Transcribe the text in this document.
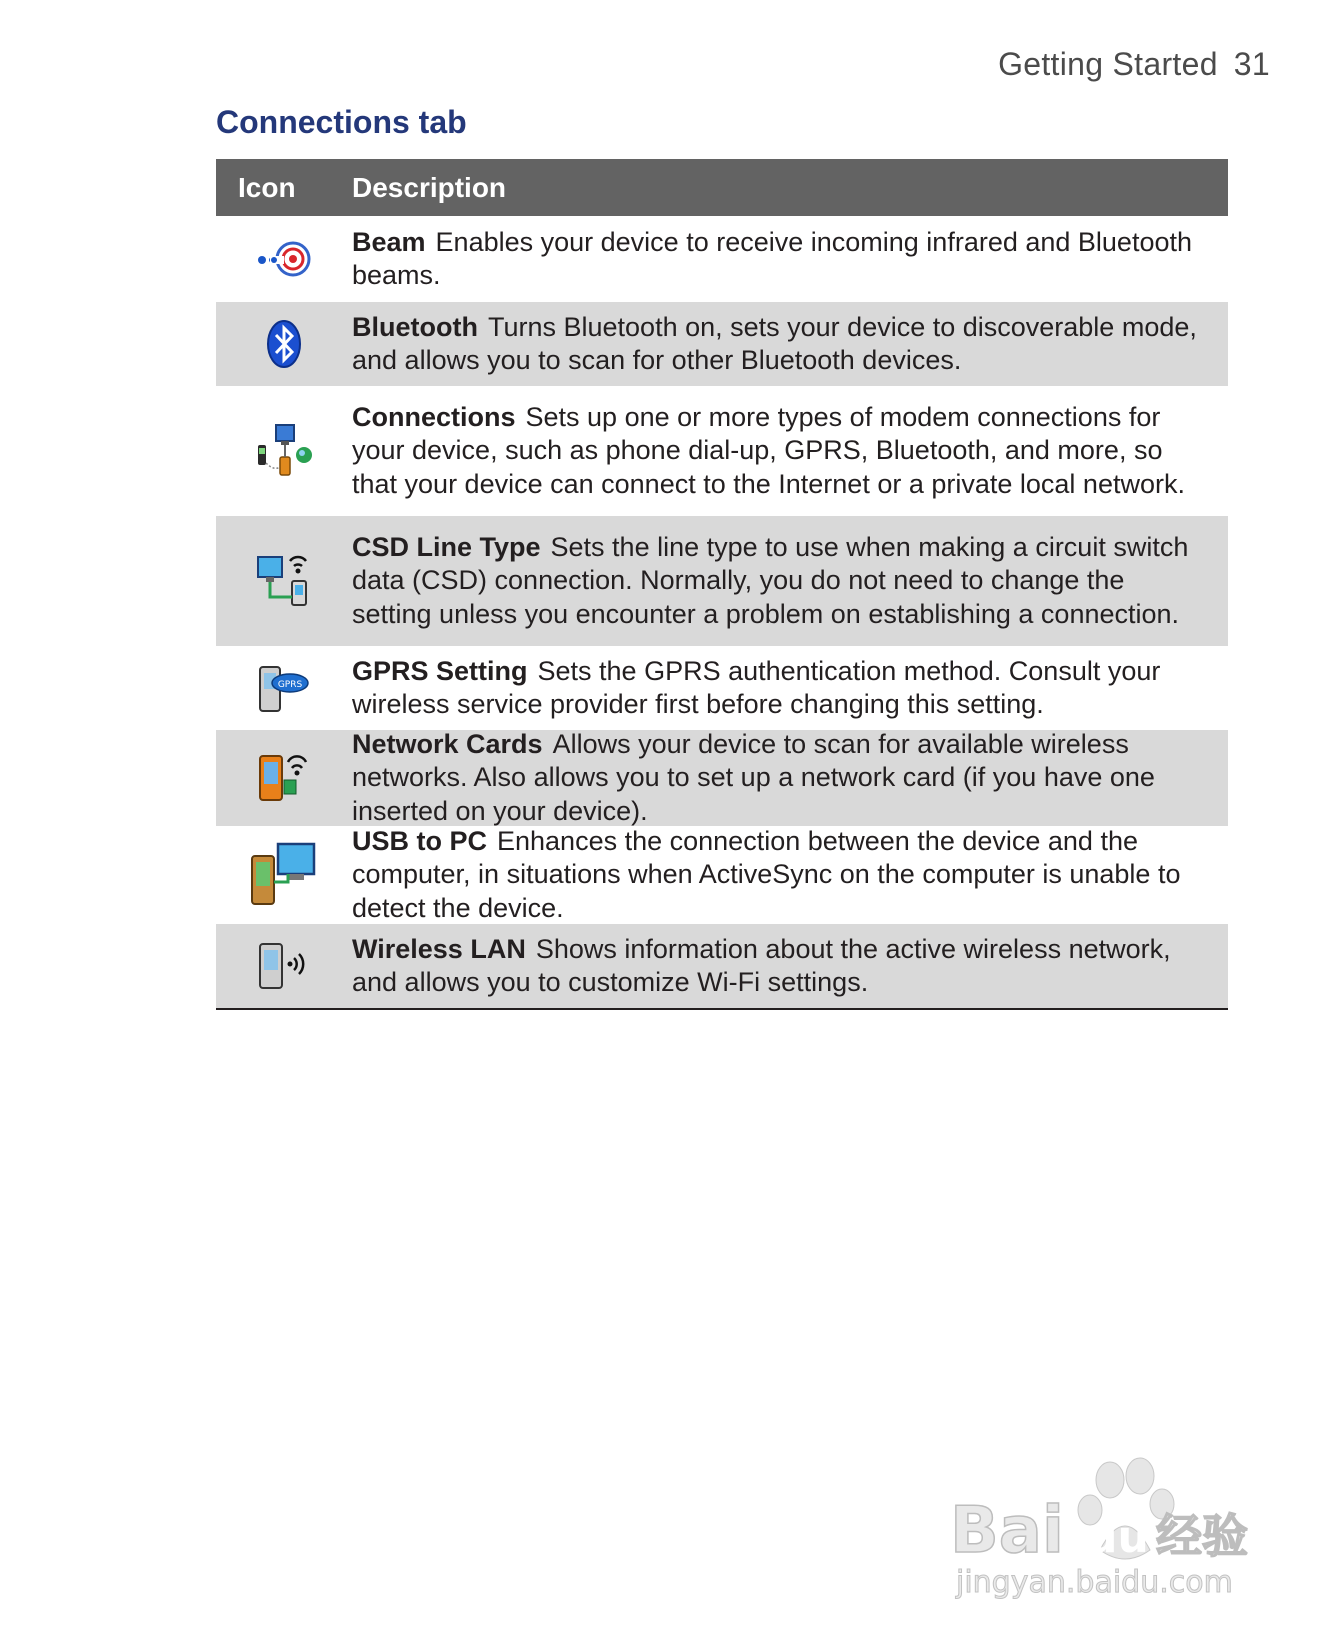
Getting Started 31
Connections tab
Icon	Description
Beam Enables your device to receive incoming infrared and Bluetooth beams.
Bluetooth Turns Bluetooth on, sets your device to discoverable mode, and allows you to scan for other Bluetooth devices.
Connections Sets up one or more types of modem connections for your device, such as phone dial-up, GPRS, Bluetooth, and more, so that your device can connect to the Internet or a private local network.
CSD Line Type Sets the line type to use when making a circuit switch data (CSD) connection. Normally, you do not need to change the setting unless you encounter a problem on establishing a connection.
GPRS GPRS Setting Sets the GPRS authentication method. Consult your wireless service provider first before changing this setting.
Network Cards Allows your device to scan for available wireless networks. Also allows you to set up a network card (if you have one inserted on your device).
USB to PC Enhances the connection between the device and the computer, in situations when ActiveSync on the computer is unable to detect the device.
Wireless LAN Shows information about the active wireless network, and allows you to customize Wi-Fi settings.
Bai du 经验
jingyan.baidu.com
